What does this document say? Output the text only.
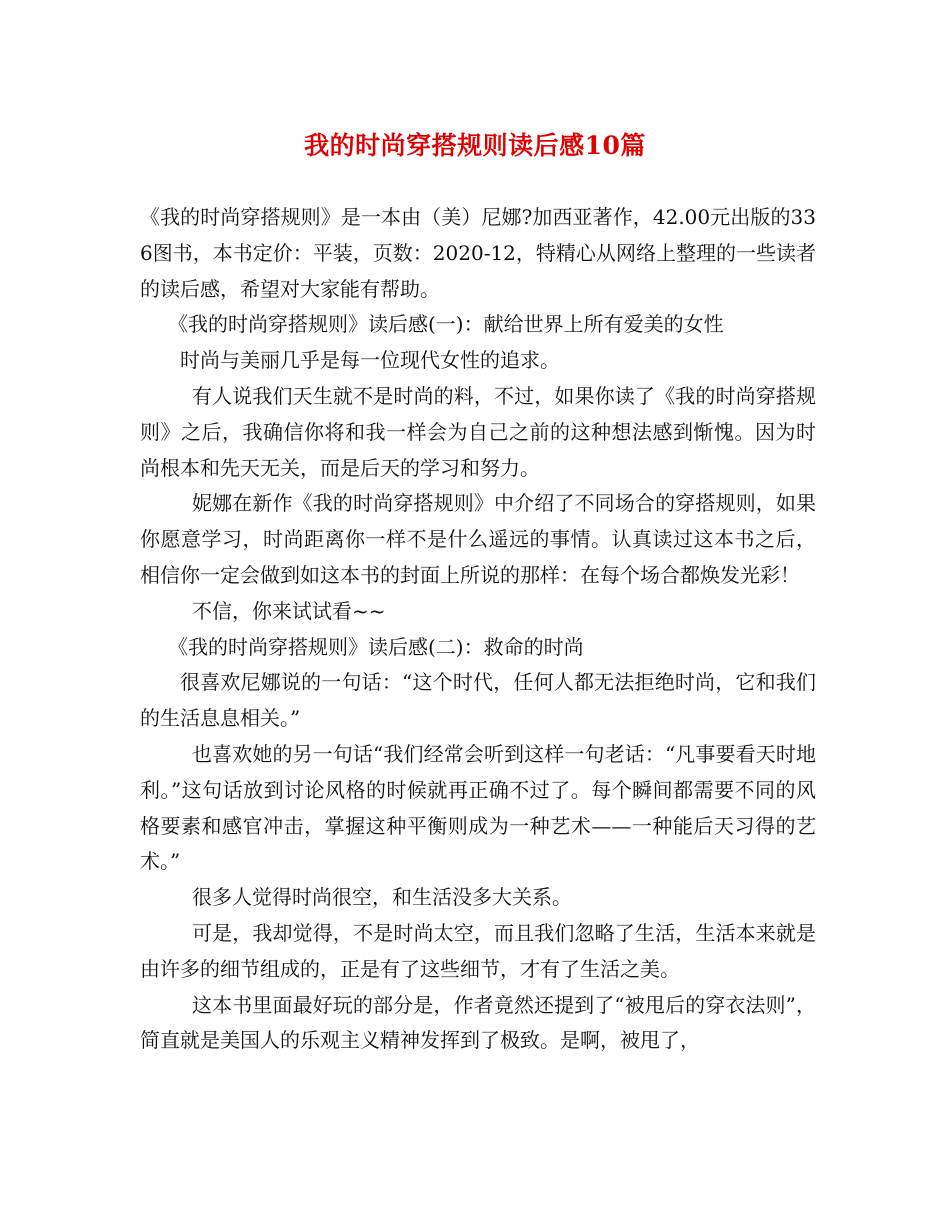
我的时尚穿搭规则读后感10篇

《我的时尚穿搭规则》是一本由（美）尼娜?加西亚著作，42.00元出版的336图书，本书定价：平装，页数：2020-12，特精心从网络上整理的一些读者的读后感，希望对大家能有帮助。

《我的时尚穿搭规则》读后感(一)：献给世界上所有爱美的女性

时尚与美丽几乎是每一位现代女性的追求。

有人说我们天生就不是时尚的料，不过，如果你读了《我的时尚穿搭规则》之后，我确信你将和我一样会为自己之前的这种想法感到惭愧。因为时尚根本和先天无关，而是后天的学习和努力。

妮娜在新作《我的时尚穿搭规则》中介绍了不同场合的穿搭规则，如果你愿意学习，时尚距离你一样不是什么遥远的事情。认真读过这本书之后，相信你一定会做到如这本书的封面上所说的那样：在每个场合都焕发光彩！

不信，你来试试看~~

《我的时尚穿搭规则》读后感(二)：救命的时尚

很喜欢尼娜说的一句话：“这个时代，任何人都无法拒绝时尚，它和我们的生活息息相关。”

也喜欢她的另一句话“我们经常会听到这样一句老话：“凡事要看天时地利。”这句话放到讨论风格的时候就再正确不过了。每个瞬间都需要不同的风格要素和感官冲击，掌握这种平衡则成为一种艺术——一种能后天习得的艺术。”

很多人觉得时尚很空，和生活没多大关系。

可是，我却觉得，不是时尚太空，而且我们忽略了生活，生活本来就是由许多的细节组成的，正是有了这些细节，才有了生活之美。

这本书里面最好玩的部分是，作者竟然还提到了“被甩后的穿衣法则”，简直就是美国人的乐观主义精神发挥到了极致。是啊，被甩了，
